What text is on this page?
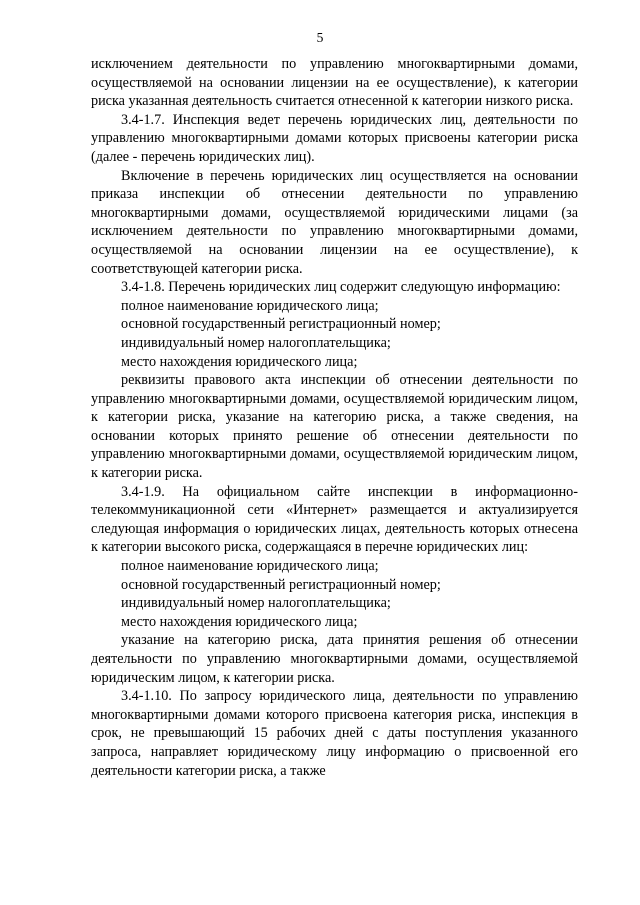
5

исключением деятельности по управлению многоквартирными домами, осуществляемой на основании лицензии на ее осуществление), к категории риска указанная деятельность считается отнесенной к категории низкого риска.

3.4-1.7. Инспекция ведет перечень юридических лиц, деятельности по управлению многоквартирными домами которых присвоены категории риска (далее - перечень юридических лиц).

Включение в перечень юридических лиц осуществляется на основании приказа инспекции об отнесении деятельности по управлению многоквартирными домами, осуществляемой юридическими лицами (за исключением деятельности по управлению многоквартирными домами, осуществляемой на основании лицензии на ее осуществление), к соответствующей категории риска.

3.4-1.8. Перечень юридических лиц содержит следующую информацию:

полное наименование юридического лица;

основной государственный регистрационный номер;

индивидуальный номер налогоплательщика;

место нахождения юридического лица;

реквизиты правового акта инспекции об отнесении деятельности по управлению многоквартирными домами, осуществляемой юридическим лицом, к категории риска, указание на категорию риска, а также сведения, на основании которых принято решение об отнесении деятельности по управлению многоквартирными домами, осуществляемой юридическим лицом, к категории риска.

3.4-1.9. На официальном сайте инспекции в информационно-телекоммуникационной сети «Интернет» размещается и актуализируется следующая информация о юридических лицах, деятельность которых отнесена к категории высокого риска, содержащаяся в перечне юридических лиц:

полное наименование юридического лица;

основной государственный регистрационный номер;

индивидуальный номер налогоплательщика;

место нахождения юридического лица;

указание на категорию риска, дата принятия решения об отнесении деятельности по управлению многоквартирными домами, осуществляемой юридическим лицом, к категории риска.

3.4-1.10. По запросу юридического лица, деятельности по управлению многоквартирными домами которого присвоена категория риска, инспекция в срок, не превышающий 15 рабочих дней с даты поступления указанного запроса, направляет юридическому лицу информацию о присвоенной его деятельности категории риска, а также
